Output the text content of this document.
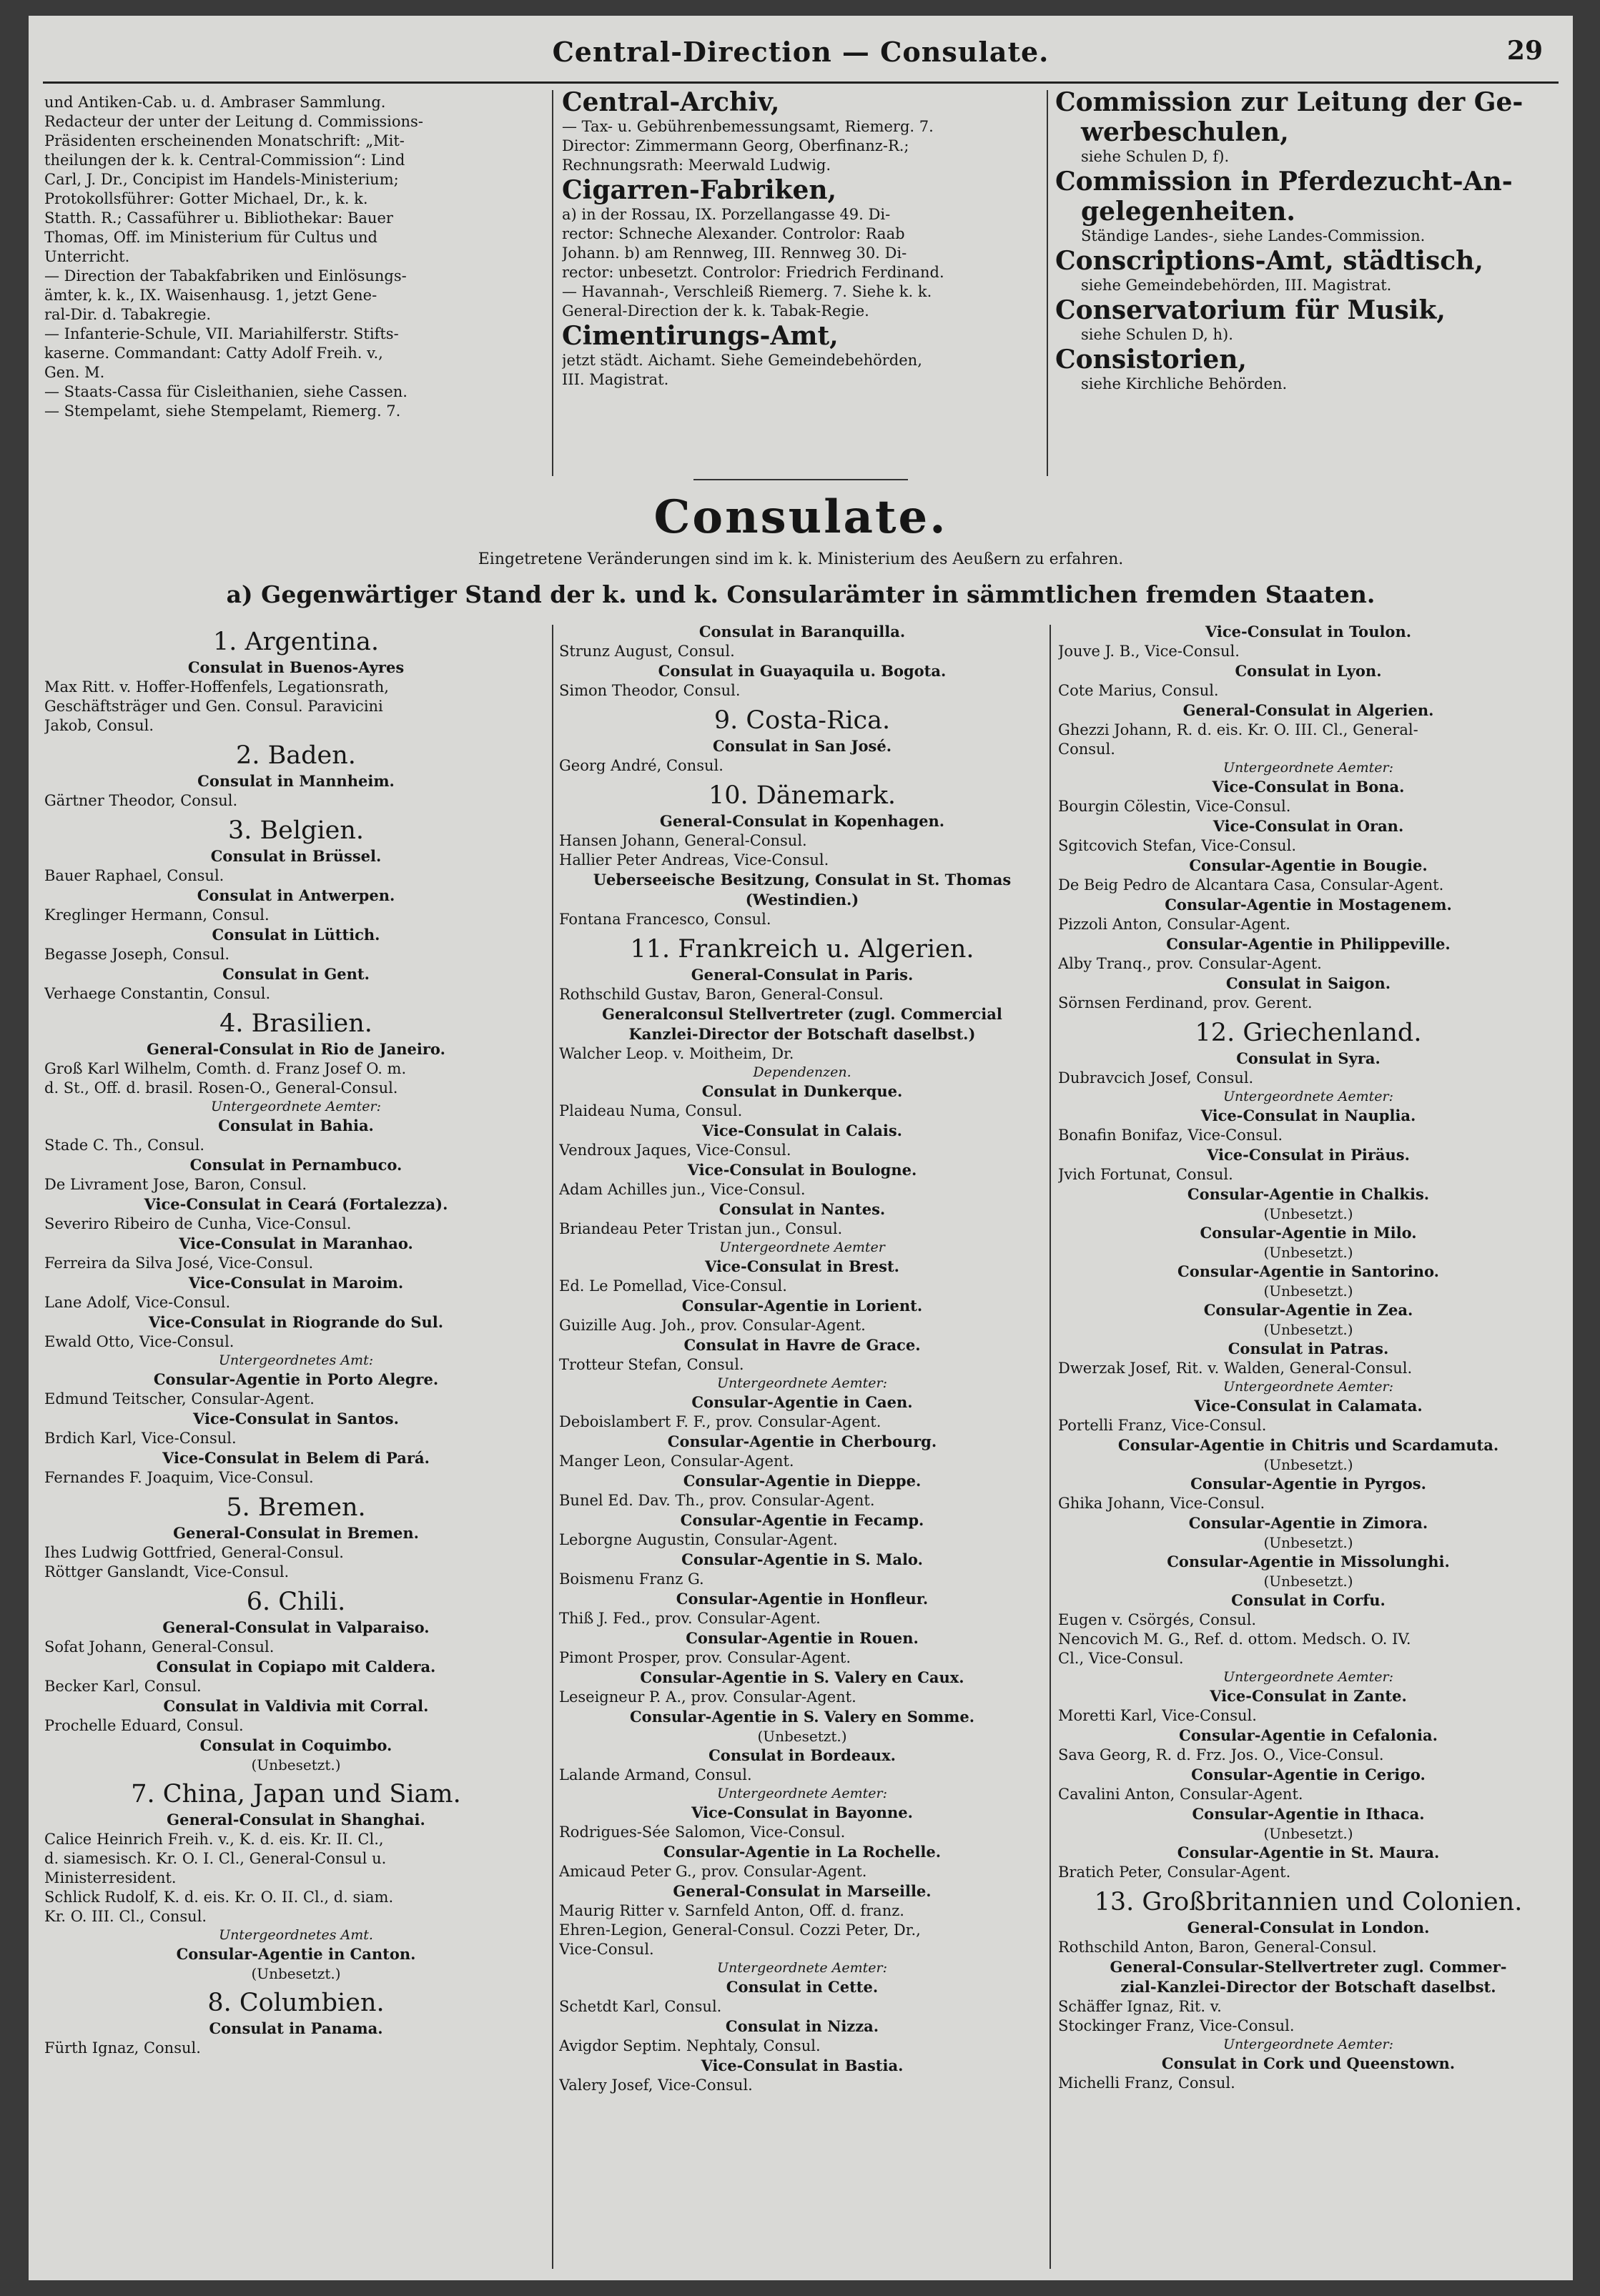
Central-Direction — Consulate.	29
und Antiken-Cab. u. d. Ambraser Sammlung.
Redacteur der unter der Leitung d. Commissions-
Präsidenten erscheinenden Monatschrift: „Mit-
theilungen der k. k. Central-Commission“: Lind
Carl, J. Dr., Concipist im Handels-Ministerium;
Protokollsführer: Gotter Michael, Dr., k. k.
Statth. R.; Cassaführer u. Bibliothekar: Bauer
Thomas, Off. im Ministerium für Cultus und
Unterricht.
— Direction der Tabakfabriken und Einlösungs-
ämter, k. k., IX. Waisenhausg. 1, jetzt Gene-
ral-Dir. d. Tabakregie.
— Infanterie-Schule, VII. Mariahilferstr. Stifts-
kaserne. Commandant: Catty Adolf Freih. v.,
Gen. M.
— Staats-Cassa für Cisleithanien, siehe Cassen.
— Stempelamt, siehe Stempelamt, Riemerg. 7.
Central-Archiv,
— Tax- u. Gebührenbemessungsamt, Riemerg. 7.
Director: Zimmermann Georg, Oberfinanz-R.;
Rechnungsrath: Meerwald Ludwig.
Cigarren-Fabriken,
a) in der Rossau, IX. Porzellangasse 49. Di-
rector: Schneche Alexander. Controlor: Raab
Johann. b) am Rennweg, III. Rennweg 30. Di-
rector: unbesetzt. Controlor: Friedrich Ferdinand.
— Havannah-, Verschleiß Riemerg. 7. Siehe k. k.
General-Direction der k. k. Tabak-Regie.
Cimentirungs-Amt,
jetzt städt. Aichamt. Siehe Gemeindebehörden,
III. Magistrat.
Commission zur Leitung der Ge-
werbeschulen,
siehe Schulen D, f).
Commission in Pferdezucht-An-
gelegenheiten.
Ständige Landes-, siehe Landes-Commission.
Conscriptions-Amt, städtisch,
siehe Gemeindebehörden, III. Magistrat.
Conservatorium für Musik,
siehe Schulen D, h).
Consistorien,
siehe Kirchliche Behörden.
Consulate.
Eingetretene Veränderungen sind im k. k. Ministerium des Aeußern zu erfahren.
a) Gegenwärtiger Stand der k. und k. Consularämter in sämmtlichen fremden Staaten.
1. Argentina.
Consulat in Buenos-Ayres
Max Ritt. v. Hoffer-Hoffenfels, Legationsrath,
Geschäftsträger und Gen. Consul. Paravicini
Jakob, Consul.
2. Baden.
Consulat in Mannheim.
Gärtner Theodor, Consul.
3. Belgien.
Consulat in Brüssel.
Bauer Raphael, Consul.
Consulat in Antwerpen.
Kreglinger Hermann, Consul.
Consulat in Lüttich.
Begasse Joseph, Consul.
Consulat in Gent.
Verhaege Constantin, Consul.
4. Brasilien.
General-Consulat in Rio de Janeiro.
Groß Karl Wilhelm, Comth. d. Franz Josef O. m.
d. St., Off. d. brasil. Rosen-O., General-Consul.
Untergeordnete Aemter:
Consulat in Bahia.
Stade C. Th., Consul.
Consulat in Pernambuco.
De Livrament Jose, Baron, Consul.
Vice-Consulat in Ceará (Fortalezza).
Severiro Ribeiro de Cunha, Vice-Consul.
Vice-Consulat in Maranhao.
Ferreira da Silva José, Vice-Consul.
Vice-Consulat in Maroim.
Lane Adolf, Vice-Consul.
Vice-Consulat in Riogrande do Sul.
Ewald Otto, Vice-Consul.
Untergeordnetes Amt:
Consular-Agentie in Porto Alegre.
Edmund Teitscher, Consular-Agent.
Vice-Consulat in Santos.
Brdich Karl, Vice-Consul.
Vice-Consulat in Belem di Pará.
Fernandes F. Joaquim, Vice-Consul.
5. Bremen.
General-Consulat in Bremen.
Ihes Ludwig Gottfried, General-Consul.
Röttger Ganslandt, Vice-Consul.
6. Chili.
General-Consulat in Valparaiso.
Sofat Johann, General-Consul.
Consulat in Copiapo mit Caldera.
Becker Karl, Consul.
Consulat in Valdivia mit Corral.
Prochelle Eduard, Consul.
Consulat in Coquimbo.
(Unbesetzt.)
7. China, Japan und Siam.
General-Consulat in Shanghai.
Calice Heinrich Freih. v., K. d. eis. Kr. II. Cl.,
d. siamesisch. Kr. O. I. Cl., General-Consul u.
Ministerresident.
Schlick Rudolf, K. d. eis. Kr. O. II. Cl., d. siam.
Kr. O. III. Cl., Consul.
Untergeordnetes Amt.
Consular-Agentie in Canton.
(Unbesetzt.)
8. Columbien.
Consulat in Panama.
Fürth Ignaz, Consul.
Consulat in Baranquilla.
Strunz August, Consul.
Consulat in Guayaquila u. Bogota.
Simon Theodor, Consul.
9. Costa-Rica.
Consulat in San José.
Georg André, Consul.
10. Dänemark.
General-Consulat in Kopenhagen.
Hansen Johann, General-Consul.
Hallier Peter Andreas, Vice-Consul.
Ueberseeische Besitzung, Consulat in St. Thomas
(Westindien.)
Fontana Francesco, Consul.
11. Frankreich u. Algerien.
General-Consulat in Paris.
Rothschild Gustav, Baron, General-Consul.
Generalconsul Stellvertreter (zugl. Commercial
Kanzlei-Director der Botschaft daselbst.)
Walcher Leop. v. Moitheim, Dr.
Dependenzen.
Consulat in Dunkerque.
Plaideau Numa, Consul.
Vice-Consulat in Calais.
Vendroux Jaques, Vice-Consul.
Vice-Consulat in Boulogne.
Adam Achilles jun., Vice-Consul.
Consulat in Nantes.
Briandeau Peter Tristan jun., Consul.
Untergeordnete Aemter
Vice-Consulat in Brest.
Ed. Le Pomellad, Vice-Consul.
Consular-Agentie in Lorient.
Guizille Aug. Joh., prov. Consular-Agent.
Consulat in Havre de Grace.
Trotteur Stefan, Consul.
Untergeordnete Aemter:
Consular-Agentie in Caen.
Deboislambert F. F., prov. Consular-Agent.
Consular-Agentie in Cherbourg.
Manger Leon, Consular-Agent.
Consular-Agentie in Dieppe.
Bunel Ed. Dav. Th., prov. Consular-Agent.
Consular-Agentie in Fecamp.
Leborgne Augustin, Consular-Agent.
Consular-Agentie in S. Malo.
Boismenu Franz G.
Consular-Agentie in Honfleur.
Thiß J. Fed., prov. Consular-Agent.
Consular-Agentie in Rouen.
Pimont Prosper, prov. Consular-Agent.
Consular-Agentie in S. Valery en Caux.
Leseigneur P. A., prov. Consular-Agent.
Consular-Agentie in S. Valery en Somme.
(Unbesetzt.)
Consulat in Bordeaux.
Lalande Armand, Consul.
Untergeordnete Aemter:
Vice-Consulat in Bayonne.
Rodrigues-Sée Salomon, Vice-Consul.
Consular-Agentie in La Rochelle.
Amicaud Peter G., prov. Consular-Agent.
General-Consulat in Marseille.
Maurig Ritter v. Sarnfeld Anton, Off. d. franz.
Ehren-Legion, General-Consul. Cozzi Peter, Dr.,
Vice-Consul.
Untergeordnete Aemter:
Consulat in Cette.
Schetdt Karl, Consul.
Consulat in Nizza.
Avigdor Septim. Nephtaly, Consul.
Vice-Consulat in Bastia.
Valery Josef, Vice-Consul.
Vice-Consulat in Toulon.
Jouve J. B., Vice-Consul.
Consulat in Lyon.
Cote Marius, Consul.
General-Consulat in Algerien.
Ghezzi Johann, R. d. eis. Kr. O. III. Cl., General-
Consul.
Untergeordnete Aemter:
Vice-Consulat in Bona.
Bourgin Cölestin, Vice-Consul.
Vice-Consulat in Oran.
Sgitcovich Stefan, Vice-Consul.
Consular-Agentie in Bougie.
De Beig Pedro de Alcantara Casa, Consular-Agent.
Consular-Agentie in Mostagenem.
Pizzoli Anton, Consular-Agent.
Consular-Agentie in Philippeville.
Alby Tranq., prov. Consular-Agent.
Consulat in Saigon.
Sörnsen Ferdinand, prov. Gerent.
12. Griechenland.
Consulat in Syra.
Dubravcich Josef, Consul.
Untergeordnete Aemter:
Vice-Consulat in Nauplia.
Bonafin Bonifaz, Vice-Consul.
Vice-Consulat in Piräus.
Jvich Fortunat, Consul.
Consular-Agentie in Chalkis.
(Unbesetzt.)
Consular-Agentie in Milo.
(Unbesetzt.)
Consular-Agentie in Santorino.
(Unbesetzt.)
Consular-Agentie in Zea.
(Unbesetzt.)
Consulat in Patras.
Dwerzak Josef, Rit. v. Walden, General-Consul.
Untergeordnete Aemter:
Vice-Consulat in Calamata.
Portelli Franz, Vice-Consul.
Consular-Agentie in Chitris und Scardamuta.
(Unbesetzt.)
Consular-Agentie in Pyrgos.
Ghika Johann, Vice-Consul.
Consular-Agentie in Zimora.
(Unbesetzt.)
Consular-Agentie in Missolunghi.
(Unbesetzt.)
Consulat in Corfu.
Eugen v. Csörgés, Consul.
Nencovich M. G., Ref. d. ottom. Medsch. O. IV.
Cl., Vice-Consul.
Untergeordnete Aemter:
Vice-Consulat in Zante.
Moretti Karl, Vice-Consul.
Consular-Agentie in Cefalonia.
Sava Georg, R. d. Frz. Jos. O., Vice-Consul.
Consular-Agentie in Cerigo.
Cavalini Anton, Consular-Agent.
Consular-Agentie in Ithaca.
(Unbesetzt.)
Consular-Agentie in St. Maura.
Bratich Peter, Consular-Agent.
13. Großbritannien und Colonien.
General-Consulat in London.
Rothschild Anton, Baron, General-Consul.
General-Consular-Stellvertreter zugl. Commer-
zial-Kanzlei-Director der Botschaft daselbst.
Schäffer Ignaz, Rit. v.
Stockinger Franz, Vice-Consul.
Untergeordnete Aemter:
Consulat in Cork und Queenstown.
Michelli Franz, Consul.
